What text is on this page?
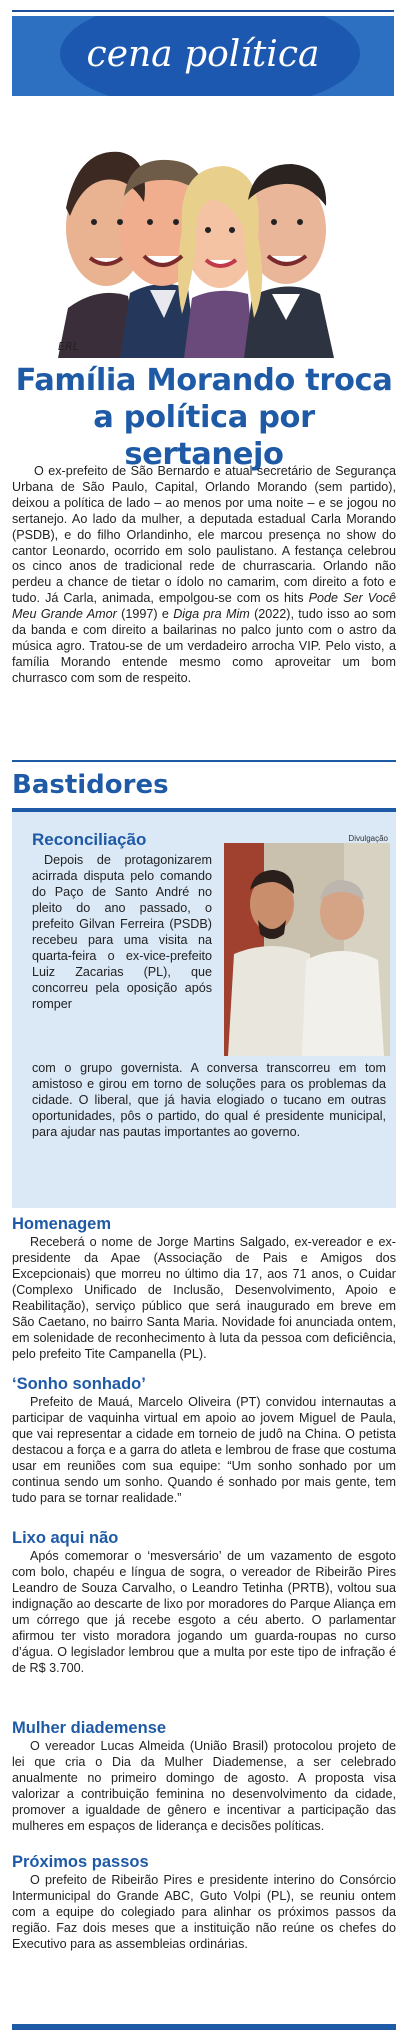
cena política
ERL
Família Morando troca
a política por sertanejo

O ex-prefeito de São Bernardo e atual secretário de Segurança Urbana de São Paulo, Capital, Orlando Morando (sem partido), deixou a política de lado – ao menos por uma noite – e se jogou no sertanejo. Ao lado da mulher, a deputada estadual Carla Morando (PSDB), e do filho Orlandinho, ele marcou presença no show do cantor Leonardo, ocorrido em solo paulistano. A festança celebrou os cinco anos de tradicional rede de churrascaria. Orlando não perdeu a chance de tietar o ídolo no camarim, com direito a foto e tudo. Já Carla, animada, empolgou-se com os hits Pode Ser Você Meu Grande Amor (1997) e Diga pra Mim (2022), tudo isso ao som da banda e com direito a bailarinas no palco junto com o astro da música agro. Tratou-se de um verdadeiro arrocha VIP. Pelo visto, a família Morando entende mesmo como aproveitar um bom churrasco com som de respeito.

Bastidores
Reconciliação
Depois de protagonizarem acirrada disputa pelo comando do Paço de Santo André no pleito do ano passado, o prefeito Gilvan Ferreira (PSDB) recebeu para uma visita na quarta-feira o ex-vice-prefeito Luiz Zacarias (PL), que concorreu pela oposição após romper
Divulgação
com o grupo governista. A conversa transcorreu em tom amistoso e girou em torno de soluções para os problemas da cidade. O liberal, que já havia elogiado o tucano em outras oportunidades, pôs o partido, do qual é presidente municipal, para ajudar nas pautas importantes ao governo.
Homenagem

Receberá o nome de Jorge Martins Salgado, ex-vereador e ex-presidente da Apae (Associação de Pais e Amigos dos Excepcionais) que morreu no último dia 17, aos 71 anos, o Cuidar (Complexo Unificado de Inclusão, Desenvolvimento, Apoio e Reabilitação), serviço público que será inaugurado em breve em São Caetano, no bairro Santa Maria. Novidade foi anunciada ontem, em solenidade de reconhecimento à luta da pessoa com deficiência, pelo prefeito Tite Campanella (PL).

‘Sonho sonhado’

Prefeito de Mauá, Marcelo Oliveira (PT) convidou internautas a participar de vaquinha virtual em apoio ao jovem Miguel de Paula, que vai representar a cidade em torneio de judô na China. O petista destacou a força e a garra do atleta e lembrou de frase que costuma usar em reuniões com sua equipe: “Um sonho sonhado por um continua sendo um sonho. Quando é sonhado por mais gente, tem tudo para se tornar realidade.”

Lixo aqui não

Após comemorar o ‘mesversário’ de um vazamento de esgoto com bolo, chapéu e língua de sogra, o vereador de Ribeirão Pires Leandro de Souza Carvalho, o Leandro Tetinha (PRTB), voltou sua indignação ao descarte de lixo por moradores do Parque Aliança em um córrego que já recebe esgoto a céu aberto. O parlamentar afirmou ter visto moradora jogando um guarda-roupas no curso d’água. O legislador lembrou que a multa por este tipo de infração é de R$ 3.700.

Mulher diademense

O vereador Lucas Almeida (União Brasil) protocolou projeto de lei que cria o Dia da Mulher Diademense, a ser celebrado anualmente no primeiro domingo de agosto. A proposta visa valorizar a contribuição feminina no desenvolvimento da cidade, promover a igualdade de gênero e incentivar a participação das mulheres em espaços de liderança e decisões políticas.

Próximos passos

O prefeito de Ribeirão Pires e presidente interino do Consórcio Intermunicipal do Grande ABC, Guto Volpi (PL), se reuniu ontem com a equipe do colegiado para alinhar os próximos passos da região. Faz dois meses que a instituição não reúne os chefes do Executivo para as assembleias ordinárias.
